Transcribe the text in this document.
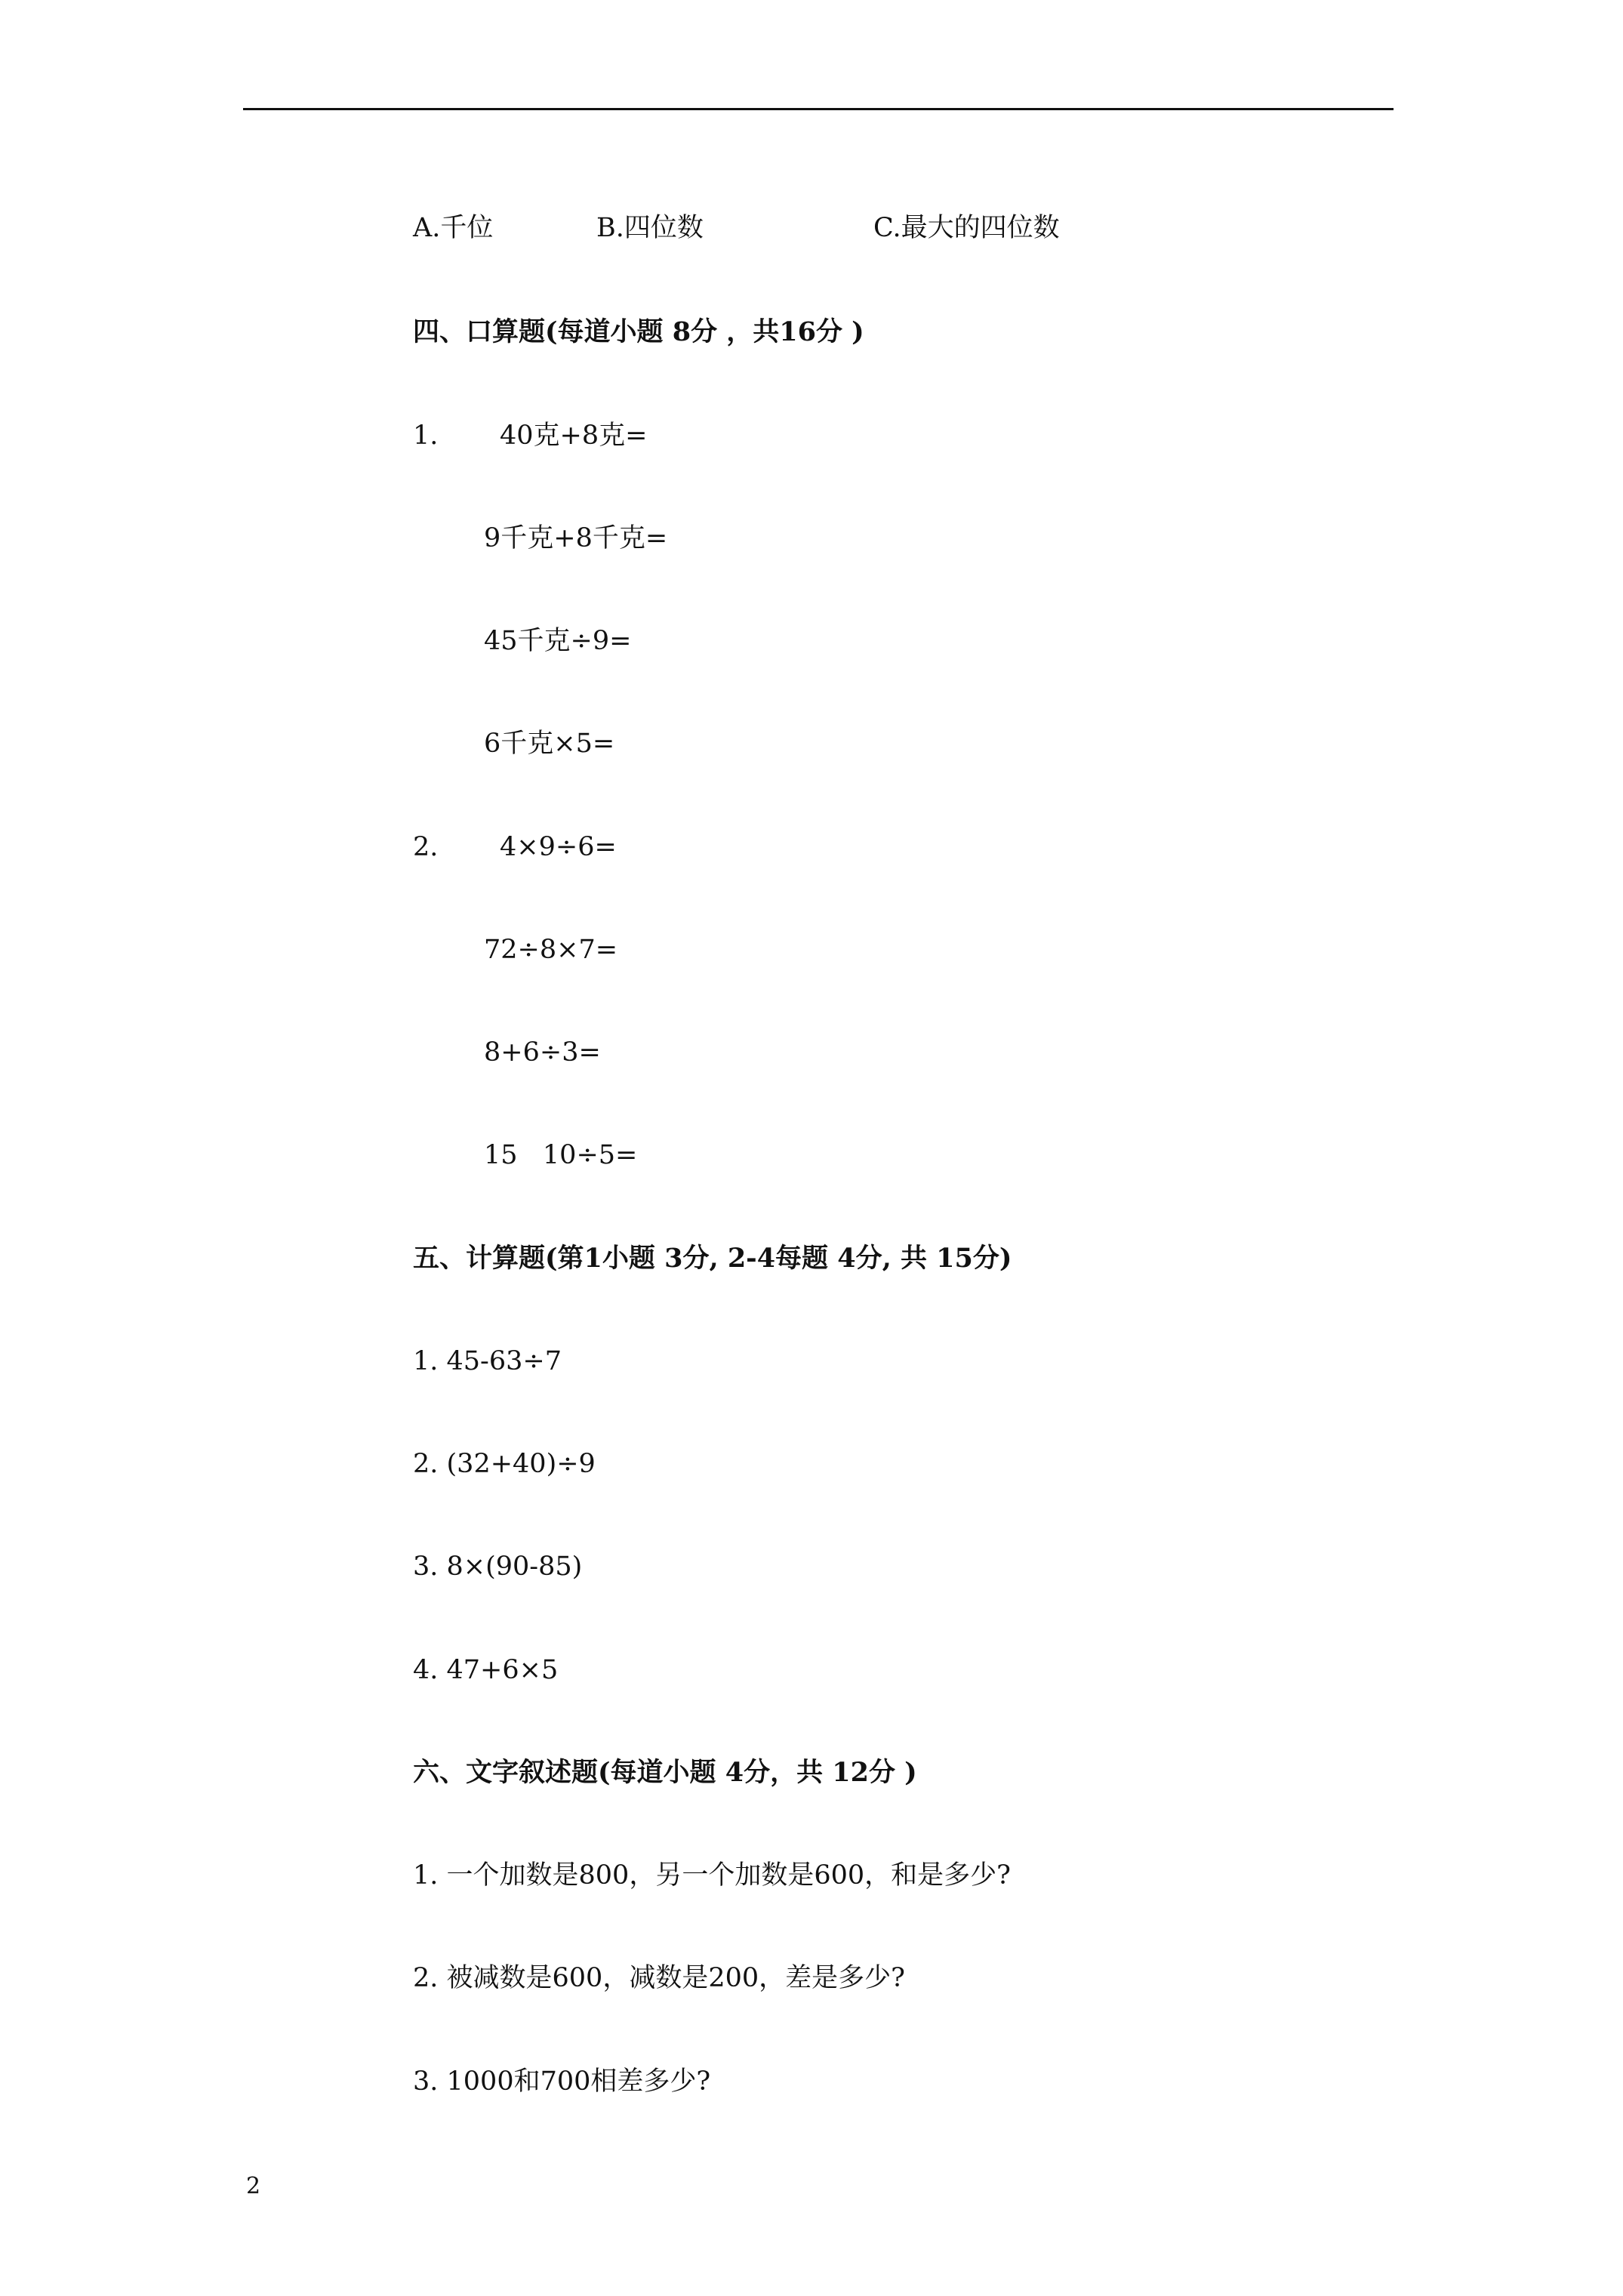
A.千位	B.四位数	C.最大的四位数
四、口算题(每道小题 8分 ，共16分 )
1. 40克+8克=
9千克+8千克=
45千克÷9=
6千克×5=
2. 4×9÷6=
72÷8×7=
8+6÷3=
15   10÷5=
五、计算题(第1小题 3分, 2-4每题 4分, 共 15分)
1. 45-63÷7
2. (32+40)÷9
3. 8×(90-85)
4. 47+6×5
六、文字叙述题(每道小题 4分，共 12分 )
1. 一个加数是800，另一个加数是600，和是多少?
2. 被减数是600，减数是200，差是多少?
3. 1000和700相差多少?
2
